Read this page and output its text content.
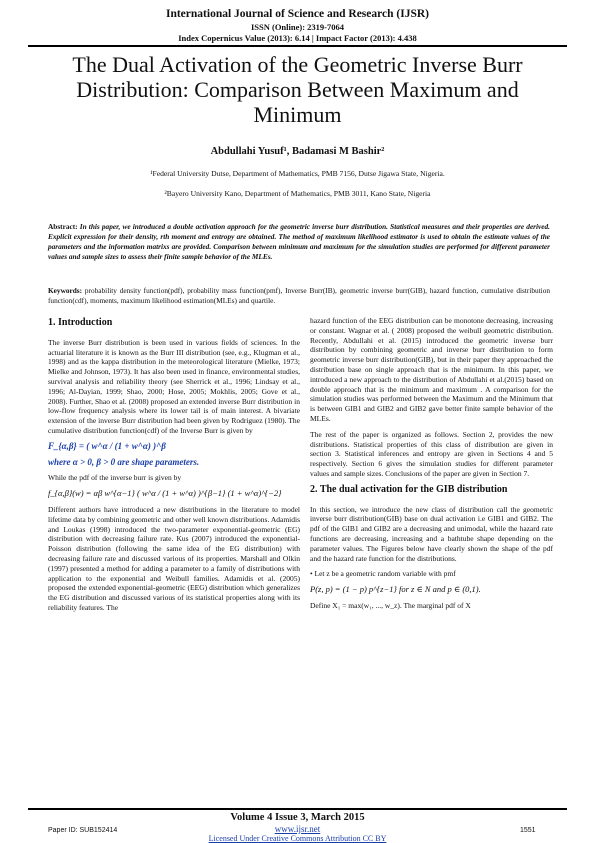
International Journal of Science and Research (IJSR)
ISSN (Online): 2319-7064
Index Copernicus Value (2013): 6.14 | Impact Factor (2013): 4.438
The Dual Activation of the Geometric Inverse Burr Distribution: Comparison Between Maximum and Minimum
Abdullahi Yusuf¹, Badamasi M Bashir²
¹Federal University Dutse, Department of Mathematics, PMB 7156, Dutse Jigawa State, Nigeria.
²Bayero University Kano, Department of Mathematics, PMB 3011, Kano State, Nigeria
Abstract: In this paper, we introduced a double activation approach for the geometric inverse burr distribution. Statistical measures and their properties are derived. Explicit expression for their density, rth moment and entropy are obtained. The method of maximum likelihood estimator is used to obtain the estimate values of the parameters and the information matrixs are provided. Comparison between minimum and maximum for the simulation studies are performed for different parameter values and sample sizes to assess their finite sample behavior of the MLEs.
Keywords: probability density function(pdf), probability mass function(pmf), Inverse Burr(IB), geometric inverse burr(GIB), hazard function, cumulative distribution function(cdf), moments, maximum likelihood estimation(MLEs) and quartile.
1. Introduction

The inverse Burr distribution is been used in various fields of sciences. In the actuarial literature it is known as the Burr III distribution (see, e.g., Klugman et al., 1998) and as the kappa distribution in the meteorological literature (Mielke, 1973; Mielke and Johnson, 1973). It has also been used in finance, environmental studies, survival analysis and reliability theory (see Sherrick et al., 1996; Lindsay et al., 1996; Al-Dayian, 1999; Shao, 2000; Hose, 2005; Mokhlis, 2005; Gove et al., 2008). Further, Shao et al. (2008) proposed an extended inverse Burr distribution in low-flow frequency analysis where its lower tail is of main interest. A bivariate extension of the inverse Burr distribution had been given by Rodriguez (1980). The cumulative distribution function(cdf) of the Inverse Burr is given by

F_{α,β} = ( w^α / (1 + w^α) )^β
where α > 0, β > 0 are shape parameters.

While the pdf of the inverse burr is given by

f_{α,β}(w) = αβ w^{α−1} ( w^α / (1 + w^α) )^{β−1} (1 + w^α)^{−2}

Different authors have introduced a new distributions in the literature to model lifetime data by combining geometric and other well known distributions. Adamidis and Loukas (1998) introduced the two-parameter exponential-geometric (EG) distribution with decreasing failure rate. Kus (2007) introduced the exponential-Poisson distribution (following the same idea of the EG distribution) with decreasing failure rate and discussed various of its properties. Marshall and Olkin (1997) presented a method for adding a parameter to a family of distributions with application to the exponential and Weibull families. Adamidis et al. (2005) proposed the extended exponential-geometric (EEG) distribution which generalizes the EG distribution and discussed various of its statistical properties along with its reliability features. The

hazard function of the EEG distribution can be monotone decreasing, increasing or constant. Wagnar et al. ( 2008) proposed the weibull geometric distribution. Recently, Abdullahi et al. (2015) introduced the geometric inverse burr distribution by combining geometric and inverse burr distribution to form geometric inverse burr distribution(GIB), but in their paper they approached the distribution base on single approach that is the minimum. In this paper, we introduced a new approach to the distribution of Abdullahi et al.(2015) based on double approach that is the minimum and maximum . A comparison for the simulation studies was performed between the Maximum and the Minimum that is between GIB1 and GIB2 and GIB2 gave better finite sample behavior of the MLEs.

The rest of the paper is organized as follows. Section 2, provides the new distributions. Statistical properties of this class of distribution are given in section 3. Statistical inferences and entropy are given in Sections 4 and 5 respectively. Section 6 gives the simulation studies for different parameter values and sample sizes. Conclusions of the paper are given in Section 7.

2. The dual activation for the GIB distribution

In this section, we introduce the new class of distribution call the geometric inverse burr distribution(GIB) base on dual activation i.e GIB1 and GIB2. The pdf of the GIB1 and GIB2 are a decreasing and unimodal, while the hazard rate functions are decreasing, increasing and a bathtube shape depending on the parameter values. The Figures below have clearly shown the shape of the pdf and the hazard rate function for the distributions.

• Let z be a geometric random variable with pmf

P(z, p) = (1 − p) p^{z−1} for z ∈ N and p ∈ (0,1).

Define X₁ = max(w₁, ..., w_z). The marginal pdf of X

Volume 4 Issue 3, March 2015
Paper ID: SUB152414	www.ijsr.net	1551
Licensed Under Creative Commons Attribution CC BY
